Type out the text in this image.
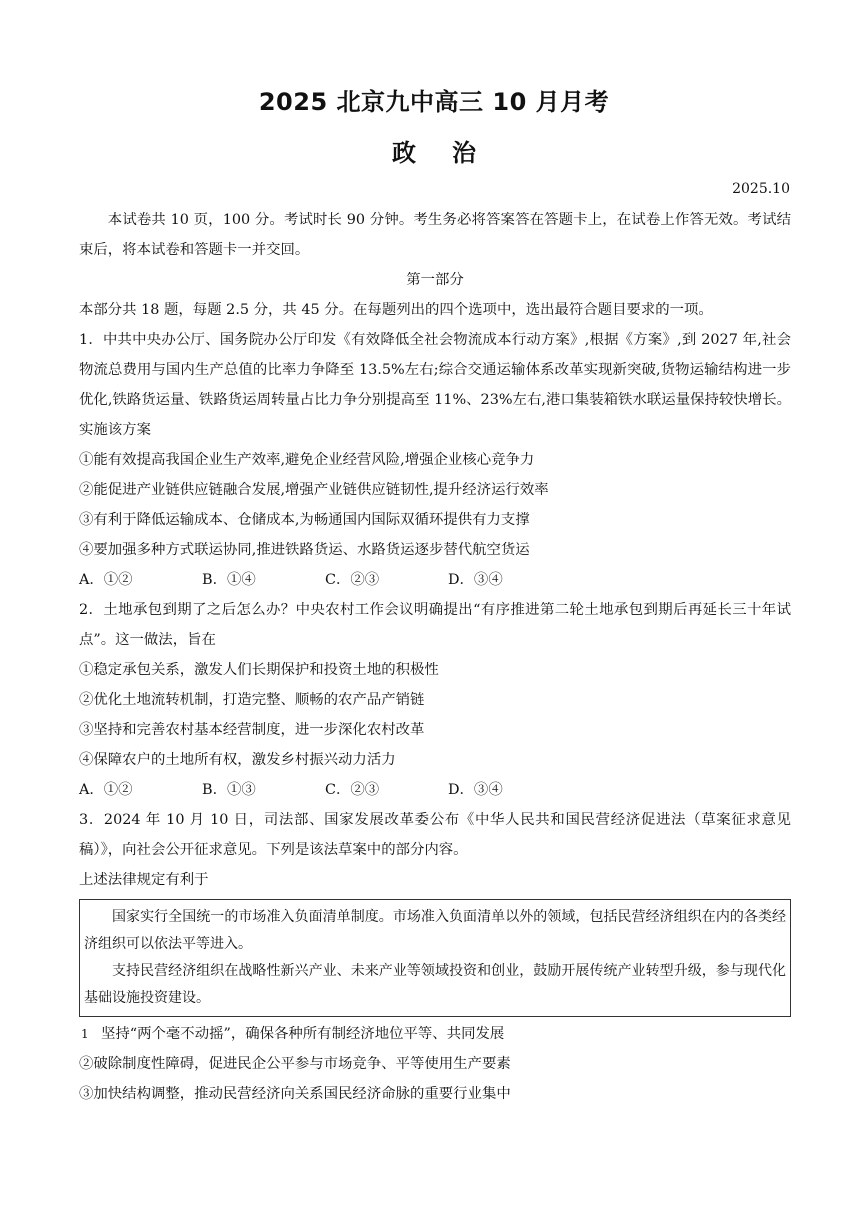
2025 北京九中高三 10 月月考
政治
2025.10

本试卷共 10 页，100 分。考试时长 90 分钟。考生务必将答案答在答题卡上，在试卷上作答无效。考试结束后，将本试卷和答题卡一并交回。

第一部分

本部分共 18 题，每题 2.5 分，共 45 分。在每题列出的四个选项中，选出最符合题目要求的一项。

1．中共中央办公厅、国务院办公厅印发《有效降低全社会物流成本行动方案》,根据《方案》,到 2027 年,社会物流总费用与国内生产总值的比率力争降至 13.5%左右;综合交通运输体系改革实现新突破,货物运输结构进一步优化,铁路货运量、铁路货运周转量占比力争分别提高至 11%、23%左右,港口集装箱铁水联运量保持较快增长。实施该方案

①能有效提高我国企业生产效率,避免企业经营风险,增强企业核心竞争力

②能促进产业链供应链融合发展,增强产业链供应链韧性,提升经济运行效率

③有利于降低运输成本、仓储成本,为畅通国内国际双循环提供有力支撑

④要加强多种方式联运协同,推进铁路货运、水路货运逐步替代航空货运

A．①②	B．①④	C．②③	D．③④

2．土地承包到期了之后怎么办？中央农村工作会议明确提出“有序推进第二轮土地承包到期后再延长三十年试点”。这一做法，旨在

①稳定承包关系，激发人们长期保护和投资土地的积极性

②优化土地流转机制，打造完整、顺畅的农产品产销链

③坚持和完善农村基本经营制度，进一步深化农村改革

④保障农户的土地所有权，激发乡村振兴动力活力

A．①②	B．①③	C．②③	D．③④

3．2024 年 10 月 10 日，司法部、国家发展改革委公布《中华人民共和国民营经济促进法（草案征求意见稿）》，向社会公开征求意见。下列是该法草案中的部分内容。

上述法律规定有利于

国家实行全国统一的市场准入负面清单制度。市场准入负面清单以外的领域，包括民营经济组织在内的各类经济组织可以依法平等进入。

支持民营经济组织在战略性新兴产业、未来产业等领域投资和创业，鼓励开展传统产业转型升级，参与现代化基础设施投资建设。

1 坚持“两个毫不动摇”，确保各种所有制经济地位平等、共同发展

②破除制度性障碍，促进民企公平参与市场竞争、平等使用生产要素

③加快结构调整，推动民营经济向关系国民经济命脉的重要行业集中
